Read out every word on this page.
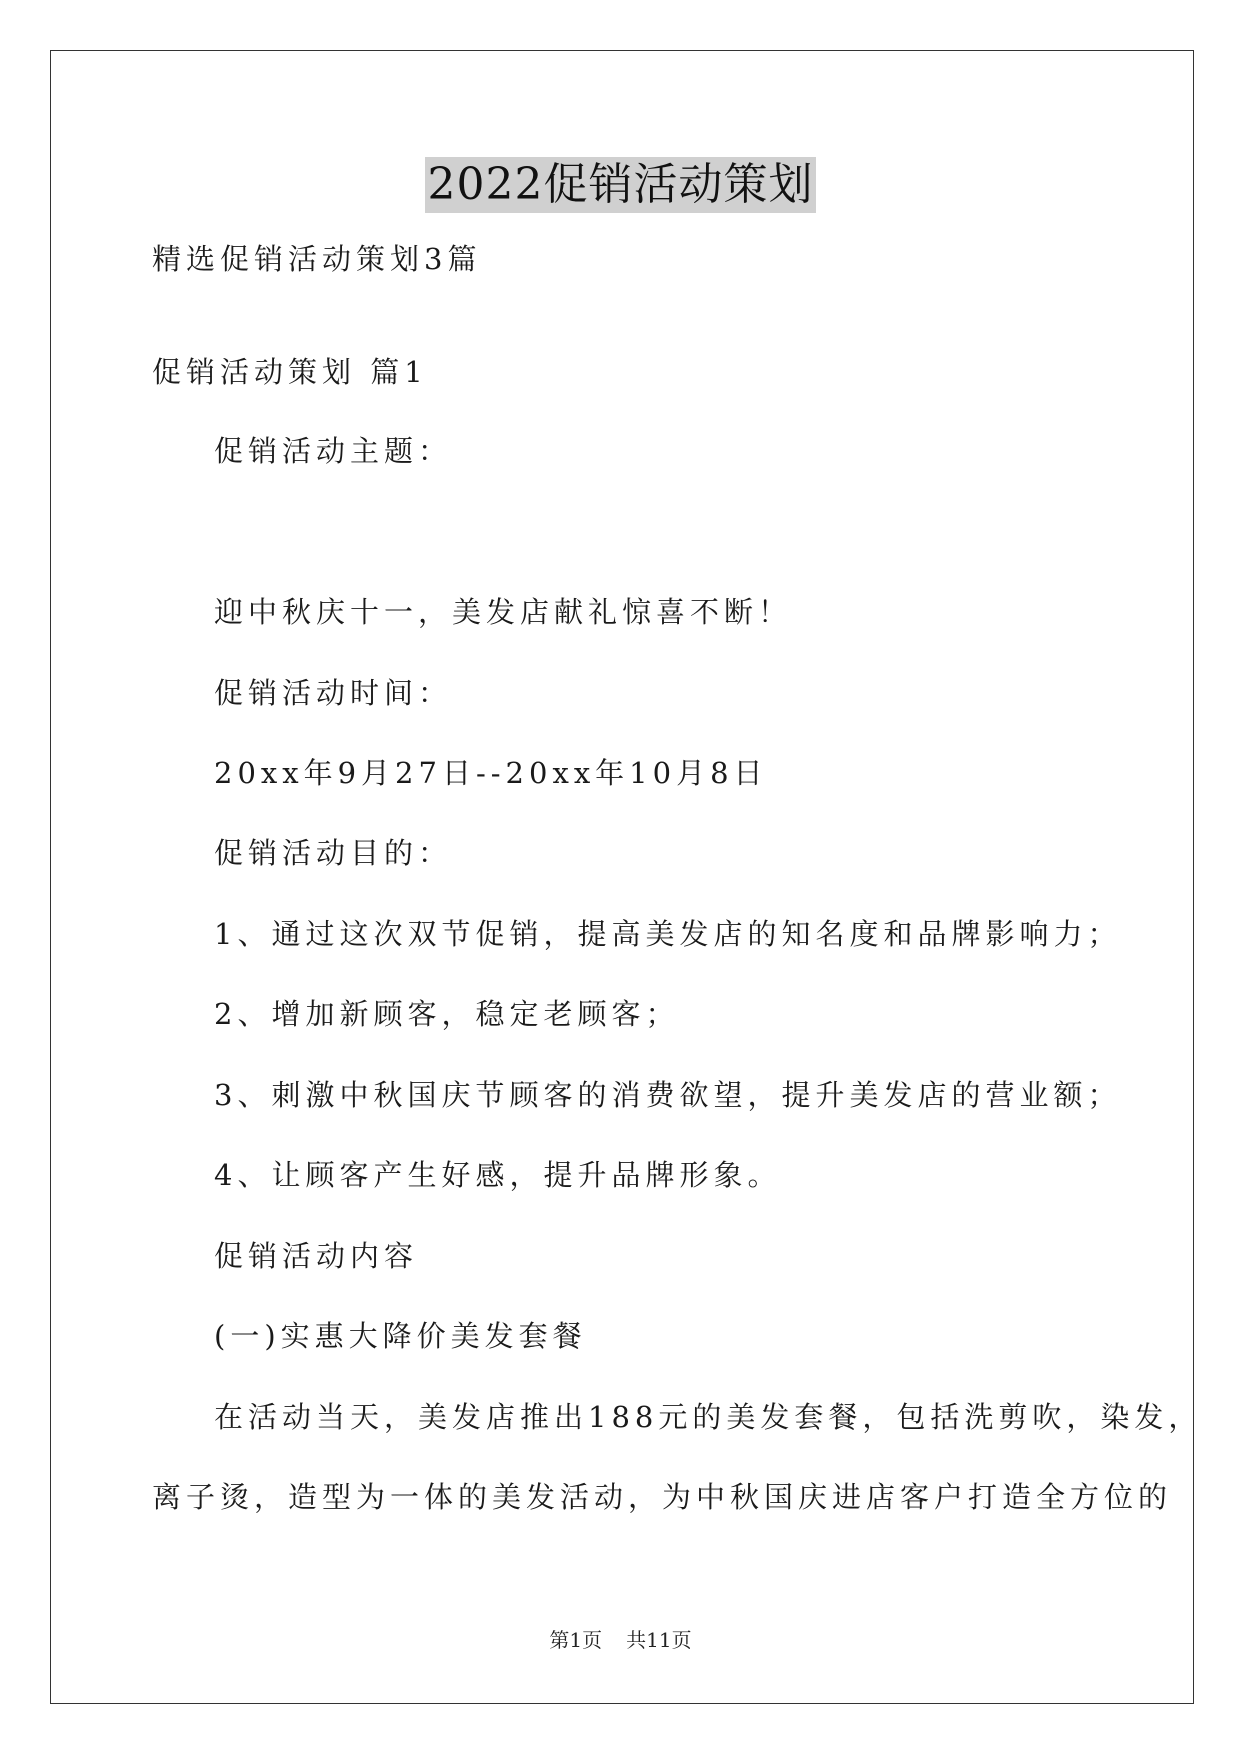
2022促销活动策划
精选促销活动策划3篇
促销活动策划 篇1
促销活动主题：
迎中秋庆十一，美发店献礼惊喜不断！
促销活动时间：
20xx年9月27日--20xx年10月8日
促销活动目的：
1、通过这次双节促销，提高美发店的知名度和品牌影响力；
2、增加新顾客，稳定老顾客；
3、刺激中秋国庆节顾客的消费欲望，提升美发店的营业额；
4、让顾客产生好感，提升品牌形象。
促销活动内容
(一)实惠大降价美发套餐
在活动当天，美发店推出188元的美发套餐，包括洗剪吹，染发，
离子烫，造型为一体的美发活动，为中秋国庆进店客户打造全方位的
第1页 共11页
